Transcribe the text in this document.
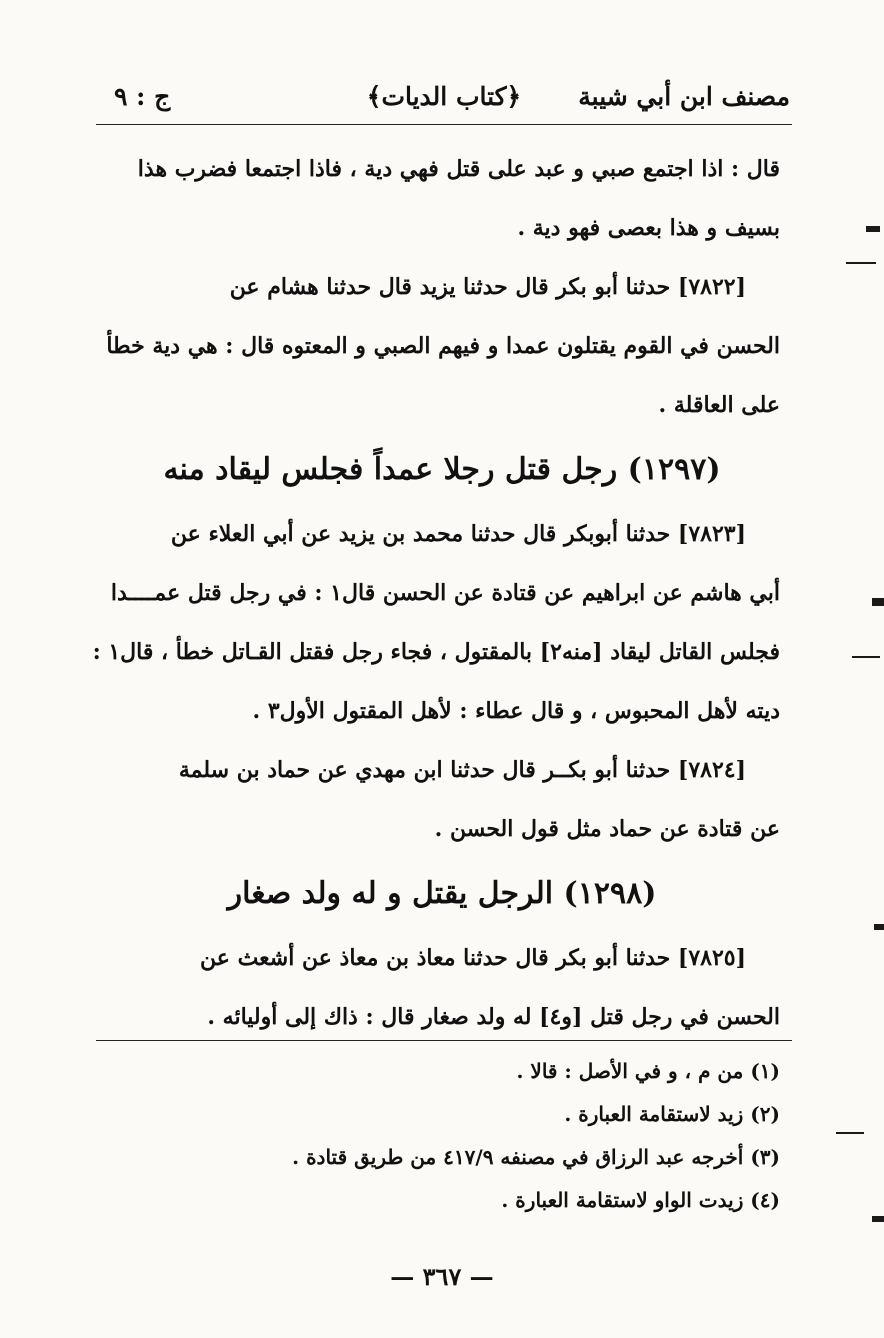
مصنف ابن أبي شيبة
﴿كتاب الديات﴾
ج : ٩
قال : اذا اجتمع صبي و عبد على قتل فهي دية ، فاذا اجتمعا فضرب هذا
بسيف و هذا بعصى فهو دية .
[٧٨٢٢] حدثنا أبو بكر قال حدثنا يزيد قال حدثنا هشام عن
الحسن في القوم يقتلون عمدا و فيهم الصبي و المعتوه قال : هي دية خطأ
على العاقلة .
(١٢٩٧) رجل قتل رجلا عمداً فجلس ليقاد منه
[٧٨٢٣] حدثنا أبوبكر قال حدثنا محمد بن يزيد عن أبي العلاء عن
أبي هاشم عن ابراهيم عن قتادة عن الحسن قال١ : في رجل قتل عمــــدا
فجلس القاتل ليقاد [منه٢] بالمقتول ، فجاء رجل فقتل القـاتل خطأ ، قال١ :
ديته لأهل المحبوس ، و قال عطاء : لأهل المقتول الأول٣ .
[٧٨٢٤] حدثنا أبو بكــر قال حدثنا ابن مهدي عن حماد بن سلمة
عن قتادة عن حماد مثل قول الحسن .
(١٢٩٨) الرجل يقتل و له ولد صغار
[٧٨٢٥] حدثنا أبو بكر قال حدثنا معاذ بن معاذ عن أشعث عن
الحسن في رجل قتل [و٤] له ولد صغار قال : ذاك إلى أوليائه .
(١) من م ، و في الأصل : قالا .
(٢) زيد لاستقامة العبارة .
(٣) أخرجه عبد الرزاق في مصنفه ٤١٧/٩ من طريق قتادة .
(٤) زيدت الواو لاستقامة العبارة .
— ٣٦٧ —
